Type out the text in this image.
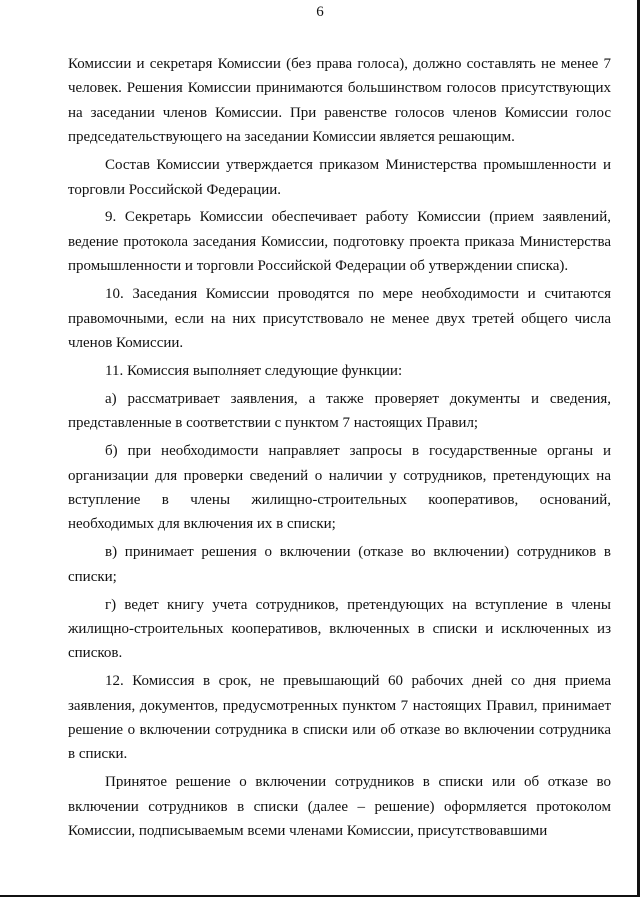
6

Комиссии и секретаря Комиссии (без права голоса), должно составлять не менее 7 человек. Решения Комиссии принимаются большинством голосов присутствующих на заседании членов Комиссии. При равенстве голосов членов Комиссии голос председательствующего на заседании Комиссии является решающим.

Состав Комиссии утверждается приказом Министерства промышленности и торговли Российской Федерации.

9. Секретарь Комиссии обеспечивает работу Комиссии (прием заявлений, ведение протокола заседания Комиссии, подготовку проекта приказа Министерства промышленности и торговли Российской Федерации об утверждении списка).

10. Заседания Комиссии проводятся по мере необходимости и считаются правомочными, если на них присутствовало не менее двух третей общего числа членов Комиссии.

11. Комиссия выполняет следующие функции:

а) рассматривает заявления, а также проверяет документы и сведения, представленные в соответствии с пунктом 7 настоящих Правил;

б) при необходимости направляет запросы в государственные органы и организации для проверки сведений о наличии у сотрудников, претендующих на вступление в члены жилищно-строительных кооперативов, оснований, необходимых для включения их в списки;

в) принимает решения о включении (отказе во включении) сотрудников в списки;

г) ведет книгу учета сотрудников, претендующих на вступление в члены жилищно-строительных кооперативов, включенных в списки и исключенных из списков.

12. Комиссия в срок, не превышающий 60 рабочих дней со дня приема заявления, документов, предусмотренных пунктом 7 настоящих Правил, принимает решение о включении сотрудника в списки или об отказе во включении сотрудника в списки.

Принятое решение о включении сотрудников в списки или об отказе во включении сотрудников в списки (далее – решение) оформляется протоколом Комиссии, подписываемым всеми членами Комиссии, присутствовавшими
